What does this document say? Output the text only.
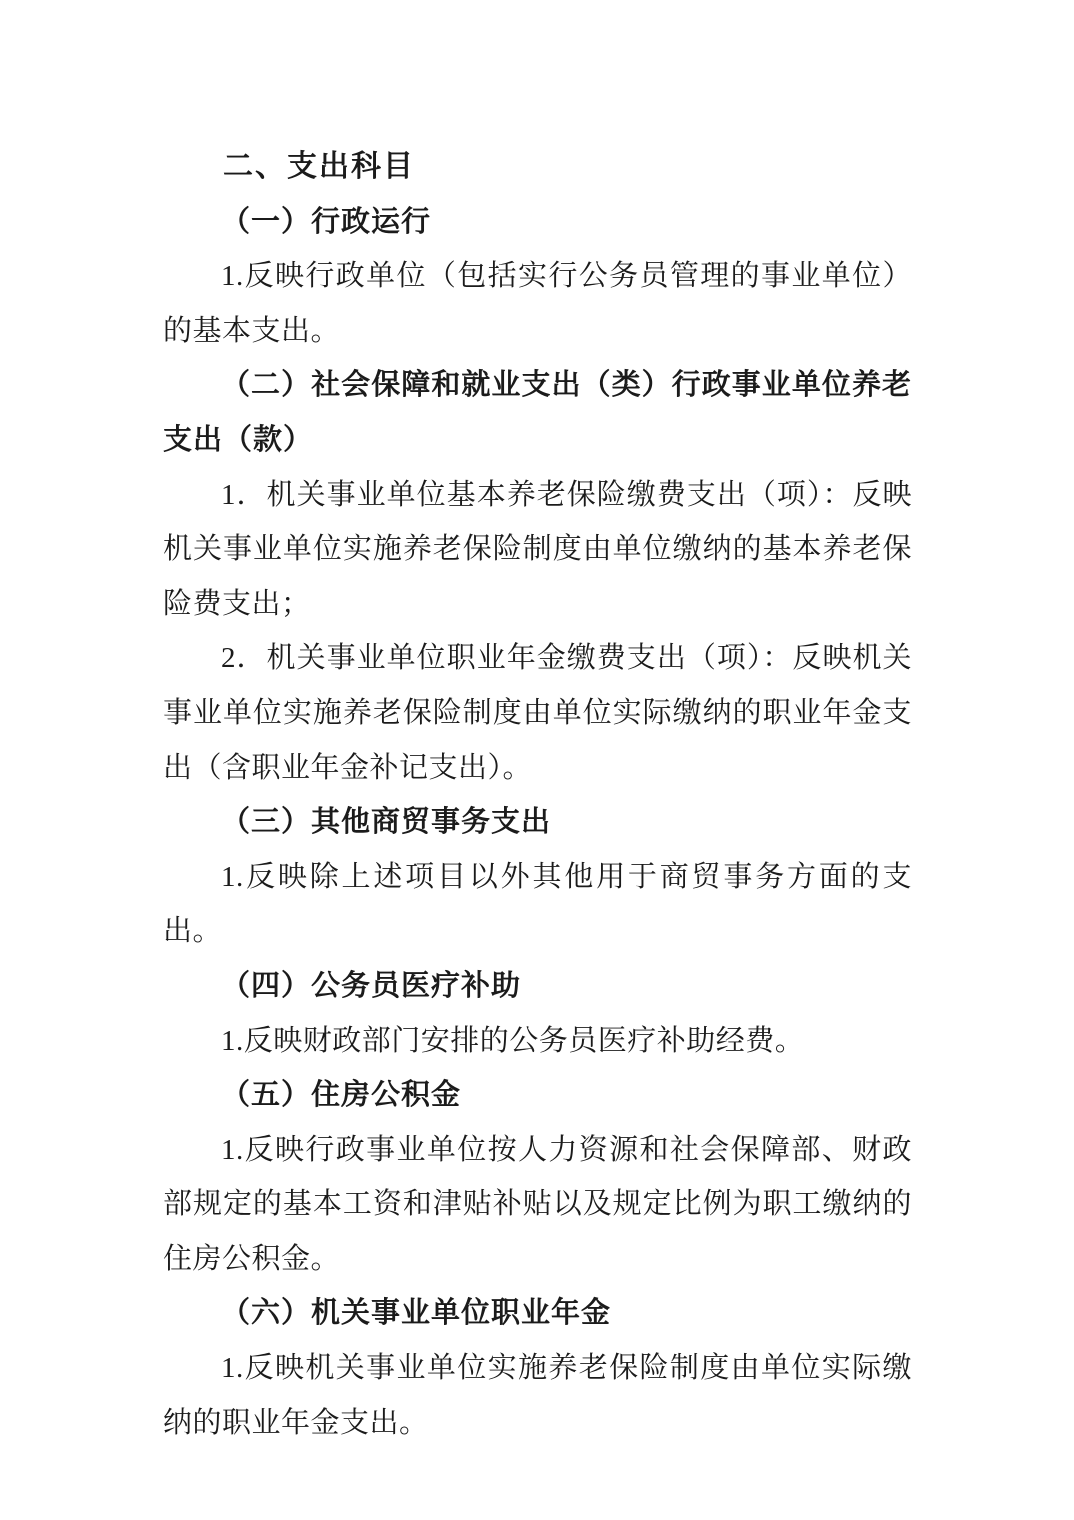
二、支出科目

（一）行政运行

1.反映行政单位（包括实行公务员管理的事业单位）的基本支出。

（二）社会保障和就业支出（类）行政事业单位养老支出（款）

1．机关事业单位基本养老保险缴费支出（项）：反映机关事业单位实施养老保险制度由单位缴纳的基本养老保险费支出；

2．机关事业单位职业年金缴费支出（项）：反映机关事业单位实施养老保险制度由单位实际缴纳的职业年金支出（含职业年金补记支出）。

（三）其他商贸事务支出

1.反映除上述项目以外其他用于商贸事务方面的支出。

（四）公务员医疗补助

1.反映财政部门安排的公务员医疗补助经费。

（五）住房公积金

1.反映行政事业单位按人力资源和社会保障部、财政部规定的基本工资和津贴补贴以及规定比例为职工缴纳的住房公积金。

（六）机关事业单位职业年金

1.反映机关事业单位实施养老保险制度由单位实际缴纳的职业年金支出。
